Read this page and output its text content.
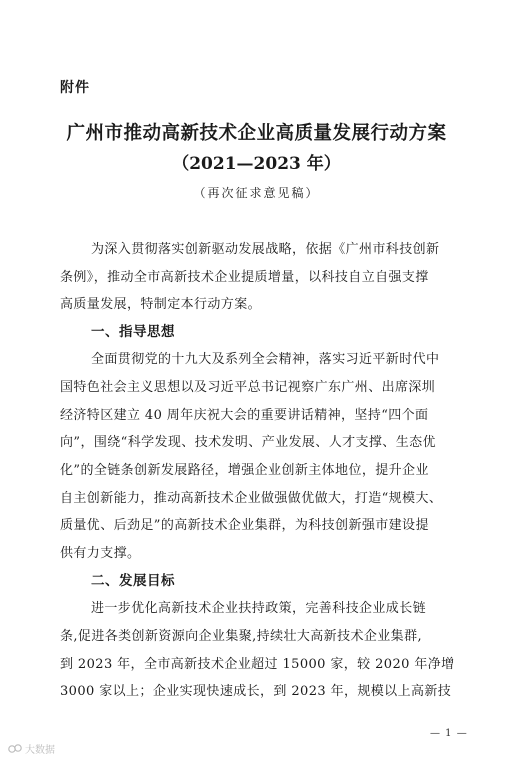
附件
广州市推动高新技术企业高质量发展行动方案
（2021—2023 年）
（再次征求意见稿）
为深入贯彻落实创新驱动发展战略，依据《广州市科技创新
条例》，推动全市高新技术企业提质增量，以科技自立自强支撑
高质量发展，特制定本行动方案。
一、指导思想
全面贯彻党的十九大及系列全会精神，落实习近平新时代中
国特色社会主义思想以及习近平总书记视察广东广州、出席深圳
经济特区建立 40 周年庆祝大会的重要讲话精神，坚持“四个面
向”，围绕“科学发现、技术发明、产业发展、人才支撑、生态优
化”的全链条创新发展路径，增强企业创新主体地位，提升企业
自主创新能力，推动高新技术企业做强做优做大，打造“规模大、
质量优、后劲足”的高新技术企业集群，为科技创新强市建设提
供有力支撑。
二、发展目标
进一步优化高新技术企业扶持政策，完善科技企业成长链
条,促进各类创新资源向企业集聚,持续壮大高新技术企业集群,
到 2023 年，全市高新技术企业超过 15000 家，较 2020 年净增
3000 家以上；企业实现快速成长，到 2023 年，规模以上高新技
— 1 —
大数据
